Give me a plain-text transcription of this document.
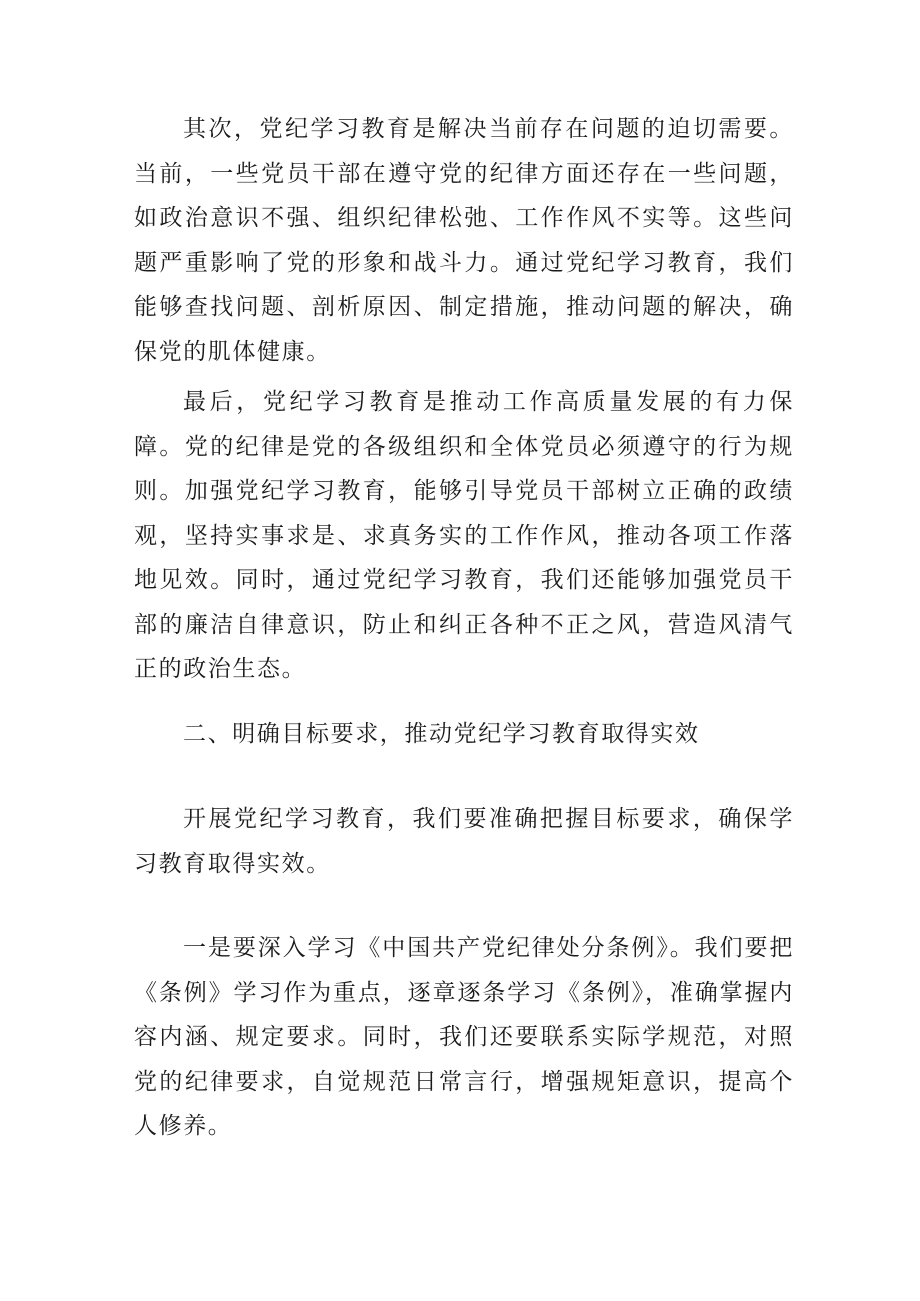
其次，党纪学习教育是解决当前存在问题的迫切需要。当前，一些党员干部在遵守党的纪律方面还存在一些问题，如政治意识不强、组织纪律松弛、工作作风不实等。这些问题严重影响了党的形象和战斗力。通过党纪学习教育，我们能够查找问题、剖析原因、制定措施，推动问题的解决，确保党的肌体健康。

最后，党纪学习教育是推动工作高质量发展的有力保障。党的纪律是党的各级组织和全体党员必须遵守的行为规则。加强党纪学习教育，能够引导党员干部树立正确的政绩观，坚持实事求是、求真务实的工作作风，推动各项工作落地见效。同时，通过党纪学习教育，我们还能够加强党员干部的廉洁自律意识，防止和纠正各种不正之风，营造风清气正的政治生态。

二、明确目标要求，推动党纪学习教育取得实效

开展党纪学习教育，我们要准确把握目标要求，确保学习教育取得实效。

一是要深入学习《中国共产党纪律处分条例》。我们要把《条例》学习作为重点，逐章逐条学习《条例》，准确掌握内容内涵、规定要求。同时，我们还要联系实际学规范，对照党的纪律要求，自觉规范日常言行，增强规矩意识，提高个人修养。
